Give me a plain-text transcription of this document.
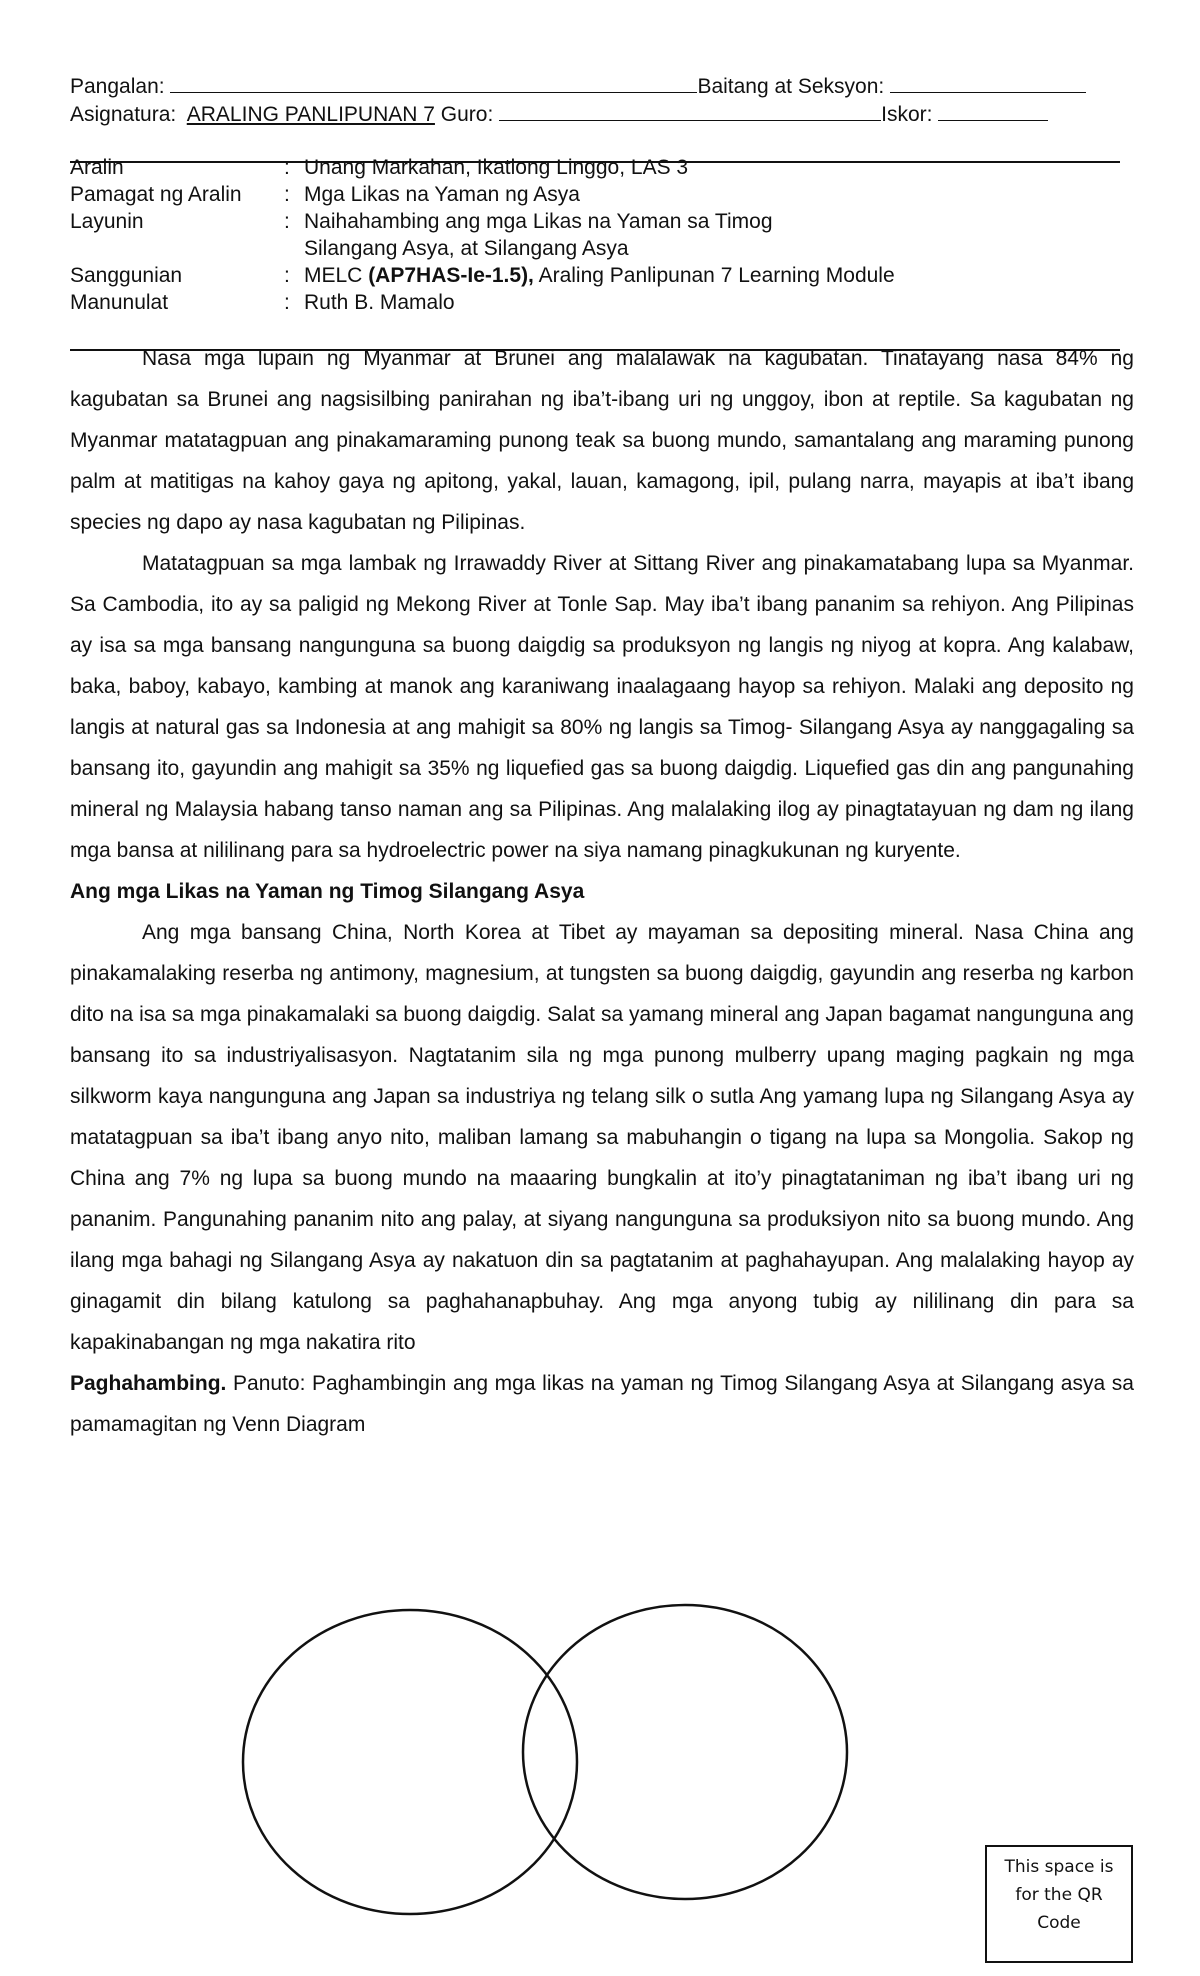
Pangalan:	Baitang at Seksyon:
Asignatura: ARALING PANLIPUNAN 7 Guro:	Iskor:
Aralin	: Unang Markahan, Ikatlong Linggo, LAS 3
Pamagat ng Aralin	: Mga Likas na Yaman ng Asya
Layunin	: Naihahambing ang mga Likas na Yaman sa Timog Silangang Asya, at Silangang Asya
Sanggunian	: MELC (AP7HAS-Ie-1.5), Araling Panlipunan 7 Learning Module
Manunulat	: Ruth B. Mamalo

Nasa mga lupain ng Myanmar at Brunei ang malalawak na kagubatan. Tinatayang nasa 84% ng kagubatan sa Brunei ang nagsisilbing panirahan ng iba’t-ibang uri ng unggoy, ibon at reptile. Sa kagubatan ng Myanmar matatagpuan ang pinakamaraming punong teak sa buong mundo, samantalang ang maraming punong palm at matitigas na kahoy gaya ng apitong, yakal, lauan, kamagong, ipil, pulang narra, mayapis at iba’t ibang species ng dapo ay nasa kagubatan ng Pilipinas.

Matatagpuan sa mga lambak ng Irrawaddy River at Sittang River ang pinakamatabang lupa sa Myanmar. Sa Cambodia, ito ay sa paligid ng Mekong River at Tonle Sap. May iba’t ibang pananim sa rehiyon. Ang Pilipinas ay isa sa mga bansang nangunguna sa buong daigdig sa produksyon ng langis ng niyog at kopra. Ang kalabaw, baka, baboy, kabayo, kambing at manok ang karaniwang inaalagaang hayop sa rehiyon. Malaki ang deposito ng langis at natural gas sa Indonesia at ang mahigit sa 80% ng langis sa Timog- Silangang Asya ay nanggagaling sa bansang ito, gayundin ang mahigit sa 35% ng liquefied gas sa buong daigdig. Liquefied gas din ang pangunahing mineral ng Malaysia habang tanso naman ang sa Pilipinas. Ang malalaking ilog ay pinagtatayuan ng dam ng ilang mga bansa at nililinang para sa hydroelectric power na siya namang pinagkukunan ng kuryente.

Ang mga Likas na Yaman ng Timog Silangang Asya

Ang mga bansang China, North Korea at Tibet ay mayaman sa depositing mineral. Nasa China ang pinakamalaking reserba ng antimony, magnesium, at tungsten sa buong daigdig, gayundin ang reserba ng karbon dito na isa sa mga pinakamalaki sa buong daigdig. Salat sa yamang mineral ang Japan bagamat nangunguna ang bansang ito sa industriyalisasyon. Nagtatanim sila ng mga punong mulberry upang maging pagkain ng mga silkworm kaya nangunguna ang Japan sa industriya ng telang silk o sutla Ang yamang lupa ng Silangang Asya ay matatagpuan sa iba’t ibang anyo nito, maliban lamang sa mabuhangin o tigang na lupa sa Mongolia. Sakop ng China ang 7% ng lupa sa buong mundo na maaaring bungkalin at ito’y pinagtataniman ng iba’t ibang uri ng pananim. Pangunahing pananim nito ang palay, at siyang nangunguna sa produksiyon nito sa buong mundo. Ang ilang mga bahagi ng Silangang Asya ay nakatuon din sa pagtatanim at paghahayupan. Ang malalaking hayop ay ginagamit din bilang katulong sa paghahanapbuhay. Ang mga anyong tubig ay nililinang din para sa kapakinabangan ng mga nakatira rito

Paghahambing. Panuto: Paghambingin ang mga likas na yaman ng Timog Silangang Asya at Silangang asya sa pamamagitan ng Venn Diagram

This space is
for the QR
Code
